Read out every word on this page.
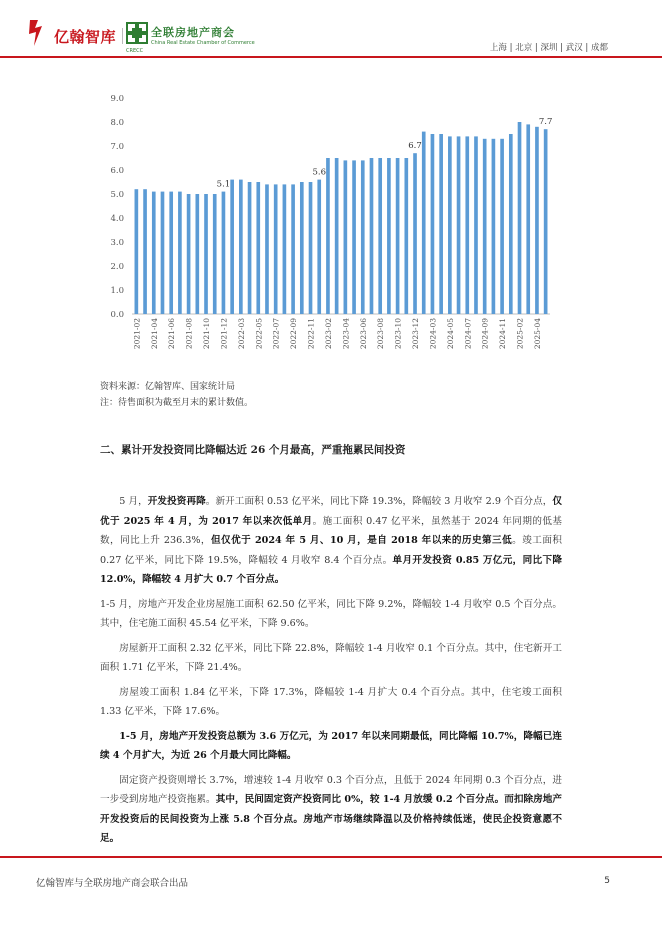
亿翰智库	全联房地产商会
China Real Estate Chamber of Commerce
CRECC	上海 | 北京 | 深圳 | 武汉 | 成都
0.0
1.0
2.0
3.0
4.0
5.0
6.0
7.0
8.0
9.0
5.1
5.6
6.7
7.7
2021-02 2021-04 2021-06 2021-08 2021-10 2021-12 2022-03 2022-05 2022-07 2022-09 2022-11 2023-02 2023-04 2023-06 2023-08 2023-10 2023-12 2024-03 2024-05 2024-07 2024-09 2024-11 2025-02 2025-04
资料来源：亿翰智库、国家统计局
注：待售面积为截至月末的累计数值。
二、累计开发投资同比降幅达近 26 个月最高，严重拖累民间投资

5 月，开发投资再降。新开工面积 0.53 亿平米，同比下降 19.3%，降幅较 3 月收窄 2.9 个百分点，仅优于 2025 年 4 月，为 2017 年以来次低单月。施工面积 0.47 亿平米，虽然基于 2024 年同期的低基数，同比上升 236.3%，但仅优于 2024 年 5 月、10 月，是自 2018 年以来的历史第三低。竣工面积 0.27 亿平米，同比下降 19.5%，降幅较 4 月收窄 8.4 个百分点。单月开发投资 0.85 万亿元，同比下降 12.0%，降幅较 4 月扩大 0.7 个百分点。

1-5 月，房地产开发企业房屋施工面积 62.50 亿平米，同比下降 9.2%，降幅较 1-4 月收窄 0.5 个百分点。其中，住宅施工面积 45.54 亿平米，下降 9.6%。

房屋新开工面积 2.32 亿平米，同比下降 22.8%，降幅较 1-4 月收窄 0.1 个百分点。其中，住宅新开工面积 1.71 亿平米，下降 21.4%。

房屋竣工面积 1.84 亿平米，下降 17.3%，降幅较 1-4 月扩大 0.4 个百分点。其中，住宅竣工面积 1.33 亿平米，下降 17.6%。

1-5 月，房地产开发投资总额为 3.6 万亿元，为 2017 年以来同期最低，同比降幅 10.7%，降幅已连续 4 个月扩大，为近 26 个月最大同比降幅。

固定资产投资则增长 3.7%，增速较 1-4 月收窄 0.3 个百分点，且低于 2024 年同期 0.3 个百分点，进一步受到房地产投资拖累。其中，民间固定资产投资同比 0%，较 1-4 月放缓 0.2 个百分点。而扣除房地产开发投资后的民间投资为上涨 5.8 个百分点。房地产市场继续降温以及价格持续低迷，使民企投资意愿不足。

亿翰智库与全联房地产商会联合出品	5
